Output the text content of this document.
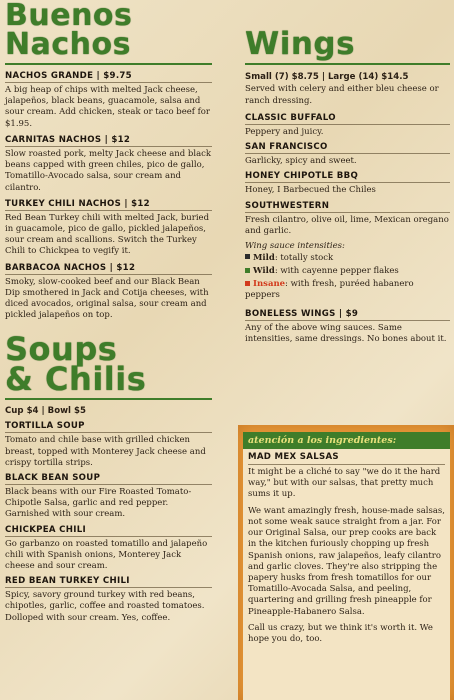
Buenos
Nachos

NACHOS GRANDE | $9.75

A big heap of chips with melted Jack cheese, jalapeños, black beans, guacamole, salsa and sour cream. Add chicken, steak or taco beef for $1.95.

CARNITAS NACHOS | $12

Slow roasted pork, melty Jack cheese and black beans capped with green chiles, pico de gallo, Tomatillo-Avocado salsa, sour cream and cilantro.

TURKEY CHILI NACHOS | $12

Red Bean Turkey chili with melted Jack, buried in guacamole, pico de gallo, pickled jalapeños, sour cream and scallions. Switch the Turkey Chili to Chickpea to vegify it.

BARBACOA NACHOS | $12

Smoky, slow-cooked beef and our Black Bean Dip smothered in Jack and Cotija cheeses, with diced avocados, original salsa, sour cream and pickled jalapeños on top.

Soups
& Chilis

Cup $4 | Bowl $5

TORTILLA SOUP

Tomato and chile base with grilled chicken breast, topped with Monterey Jack cheese and crispy tortilla strips.

BLACK BEAN SOUP

Black beans with our Fire Roasted Tomato-Chipotle Salsa, garlic and red pepper. Garnished with sour cream.

CHICKPEA CHILI

Go garbanzo on roasted tomatillo and jalapeño chili with Spanish onions, Monterey Jack cheese and sour cream.

RED BEAN TURKEY CHILI

Spicy, savory ground turkey with red beans, chipotles, garlic, coffee and roasted tomatoes. Dolloped with sour cream. Yes, coffee.

Wings

Small (7) $8.75 | Large (14) $14.5

Served with celery and either bleu cheese or ranch dressing.

CLASSIC BUFFALO

Peppery and juicy.

SAN FRANCISCO

Garlicky, spicy and sweet.

HONEY CHIPOTLE BBQ

Honey, I Barbecued the Chiles

SOUTHWESTERN

Fresh cilantro, olive oil, lime, Mexican oregano and garlic.

Wing sauce intensities:

Mild: totally stock

Wild: with cayenne pepper flakes

Insane: with fresh, puréed habanero peppers

BONELESS WINGS | $9

Any of the above wing sauces. Same intensities, same dressings. No bones about it.

atención a los ingredientes:

MAD MEX SALSAS

It might be a cliché to say "we do it the hard way," but with our salsas, that pretty much sums it up.

We want amazingly fresh, house-made salsas, not some weak sauce straight from a jar. For our Original Salsa, our prep cooks are back in the kitchen furiously chopping up fresh Spanish onions, raw jalapeños, leafy cilantro and garlic cloves. They're also stripping the papery husks from fresh tomatillos for our Tomatillo-Avocada Salsa, and peeling, quartering and grilling fresh pineapple for Pineapple-Habanero Salsa.

Call us crazy, but we think it's worth it. We hope you do, too.
